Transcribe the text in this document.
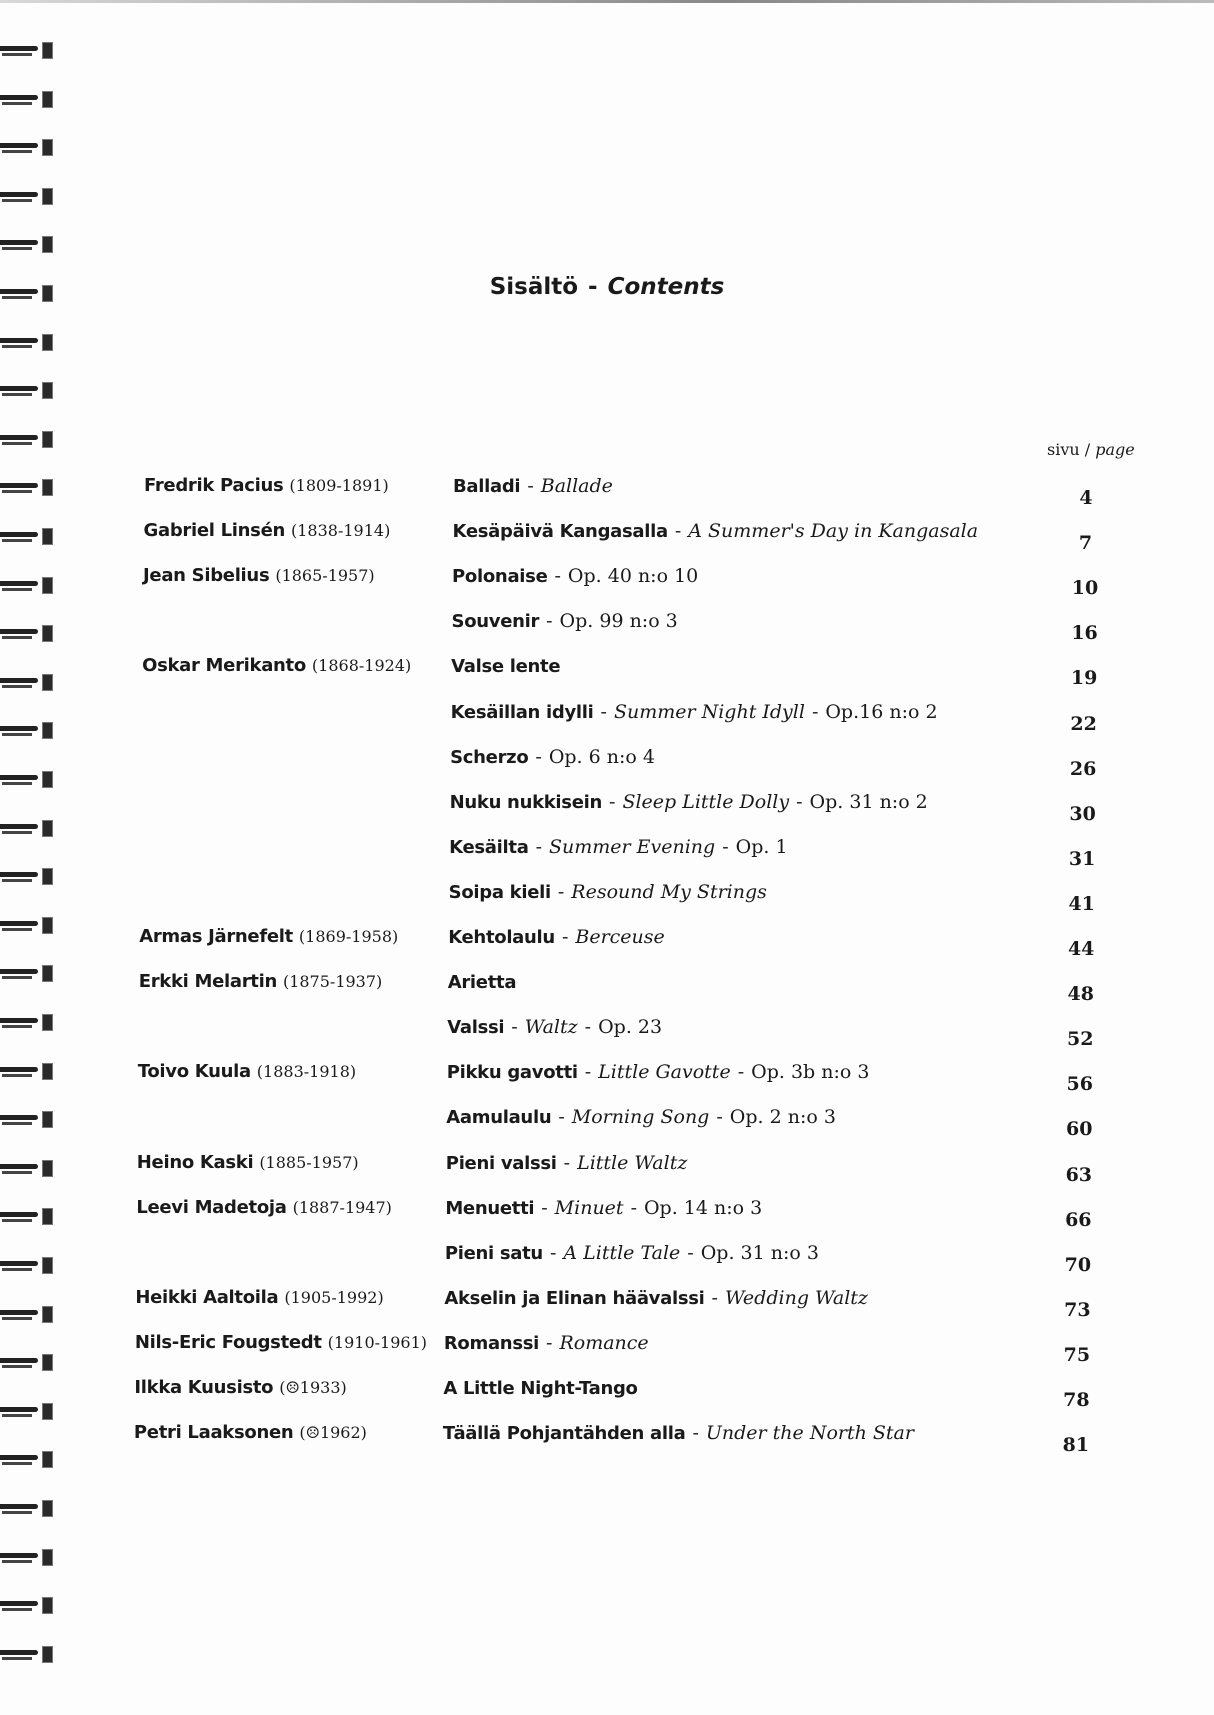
Sisältö - Contents
sivu / page
Fredrik Pacius (1809-1891)	Balladi - Ballade
4
Gabriel Linsén (1838-1914)	Kesäpäivä Kangasalla - A Summer's Day in Kangasala
7
Jean Sibelius (1865-1957)	Polonaise - Op. 40 n:o 10
10
Souvenir - Op. 99 n:o 3
16
Oskar Merikanto (1868-1924) Valse lente
19
Kesäillan idylli - Summer Night Idyll - Op.16 n:o 2
22
Scherzo - Op. 6 n:o 4
26
Nuku nukkisein - Sleep Little Dolly - Op. 31 n:o 2
30
Kesäilta - Summer Evening - Op. 1
31
Soipa kieli - Resound My Strings
41
Armas Järnefelt (1869-1958)	Kehtolaulu - Berceuse
44
Erkki Melartin (1875-1937)	Arietta
48
Valssi - Waltz - Op. 23
52
Toivo Kuula (1883-1918)	Pikku gavotti - Little Gavotte - Op. 3b n:o 3
56
Aamulaulu - Morning Song - Op. 2 n:o 3
60
Heino Kaski (1885-1957)	Pieni valssi - Little Waltz
63
Leevi Madetoja (1887-1947)	Menuetti - Minuet - Op. 14 n:o 3
66
Pieni satu - A Little Tale - Op. 31 n:o 3
70
Heikki Aaltoila (1905-1992)	Akselin ja Elinan häävalssi - Wedding Waltz
73
Nils-Eric Fougstedt (1910-1961) Romanssi - Romance
75
Ilkka Kuusisto (☹1933)	A Little Night-Tango
78
Petri Laaksonen (☹1962)	Täällä Pohjantähden alla - Under the North Star
81
